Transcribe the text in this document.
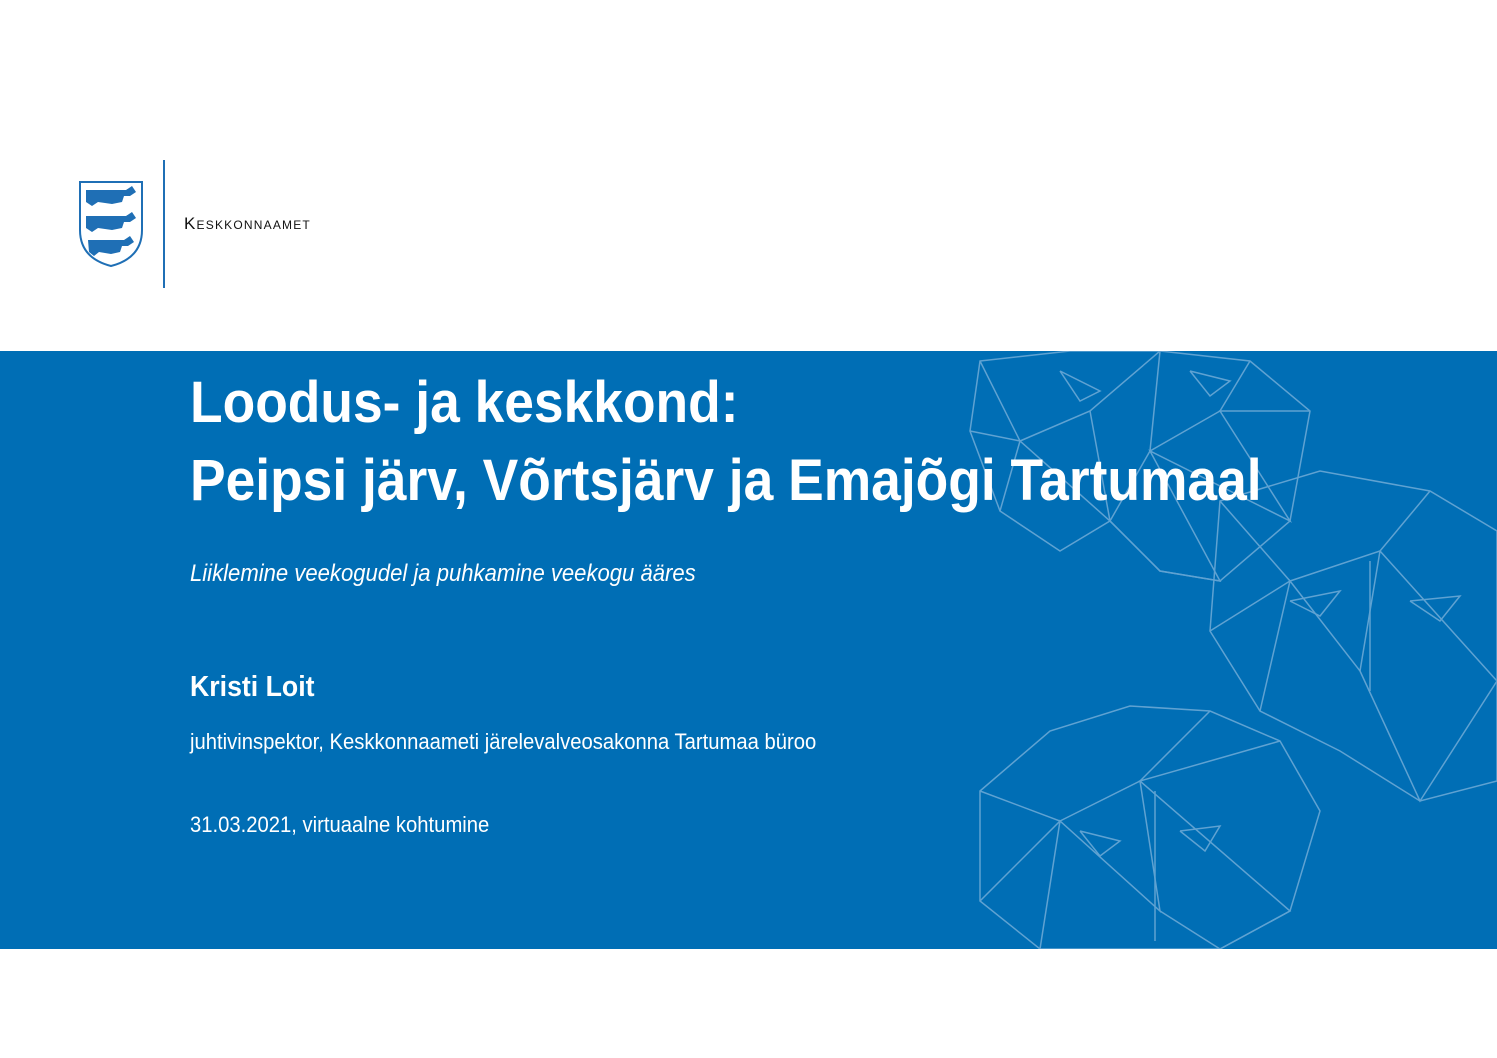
Keskkonnaamet
Loodus- ja keskkond:
Peipsi järv, Võrtsjärv ja Emajõgi Tartumaal
Liiklemine veekogudel ja puhkamine veekogu ääres
Kristi Loit
juhtivinspektor, Keskkonnaameti järelevalveosakonna Tartumaa büroo
31.03.2021, virtuaalne kohtumine
